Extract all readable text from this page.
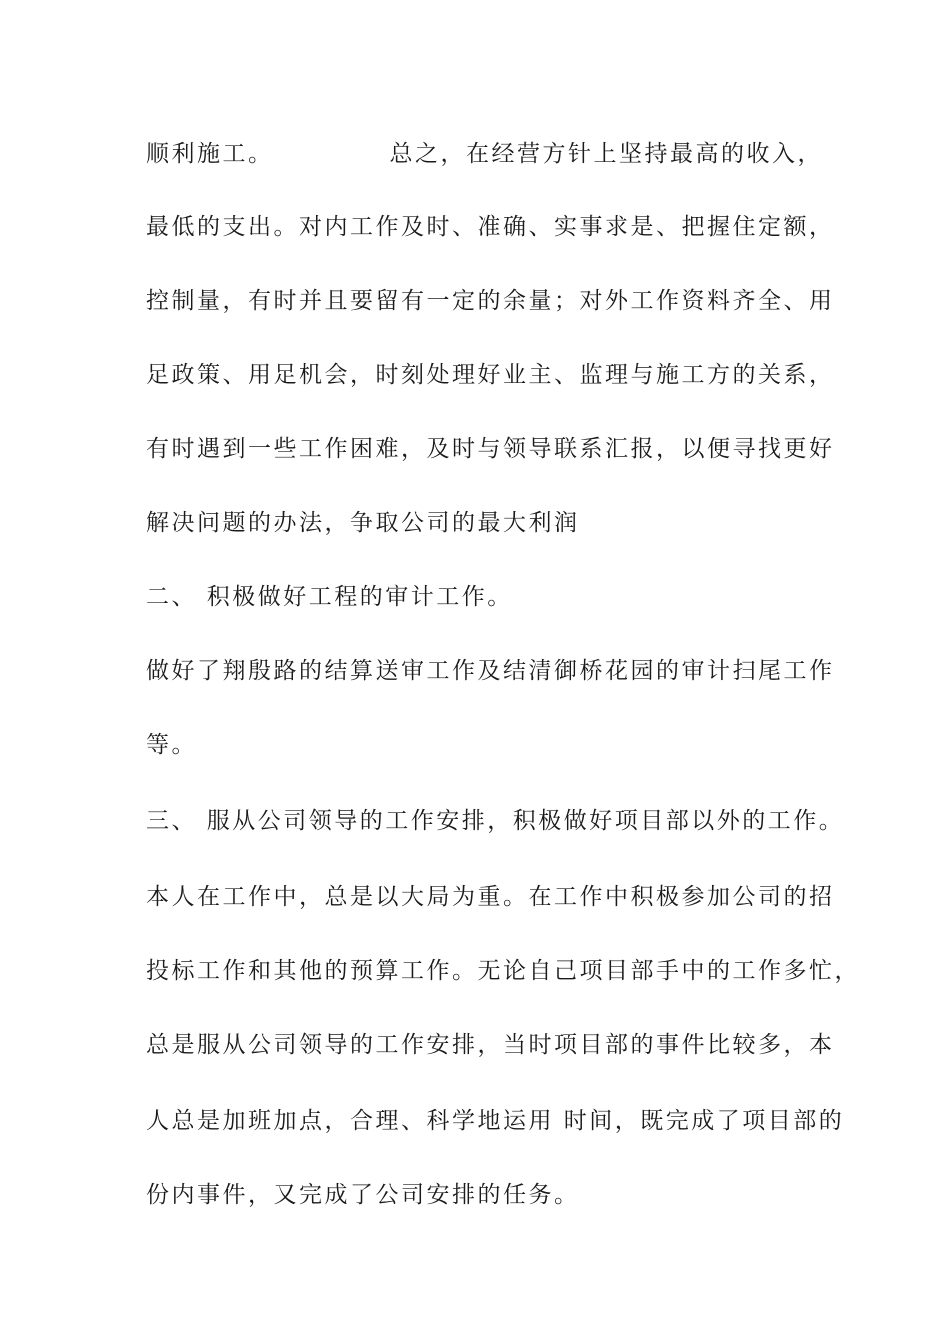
顺利施工。	总之，在经营方针上坚持最高的收入，
最低的支出。对内工作及时、准确、实事求是、把握住定额，
控制量，有时并且要留有一定的余量；对外工作资料齐全、用
足政策、用足机会，时刻处理好业主、监理与施工方的关系，
有时遇到一些工作困难，及时与领导联系汇报，以便寻找更好
解决问题的办法，争取公司的最大利润
二、 积极做好工程的审计工作。
做好了翔殷路的结算送审工作及结清御桥花园的审计扫尾工作
等。
三、 服从公司领导的工作安排，积极做好项目部以外的工作。
本人在工作中，总是以大局为重。在工作中积极参加公司的招
投标工作和其他的预算工作。无论自己项目部手中的工作多忙，
总是服从公司领导的工作安排，当时项目部的事件比较多，本
人总是加班加点，合理、科学地运用 时间，既完成了项目部的
份内事件，又完成了公司安排的任务。
